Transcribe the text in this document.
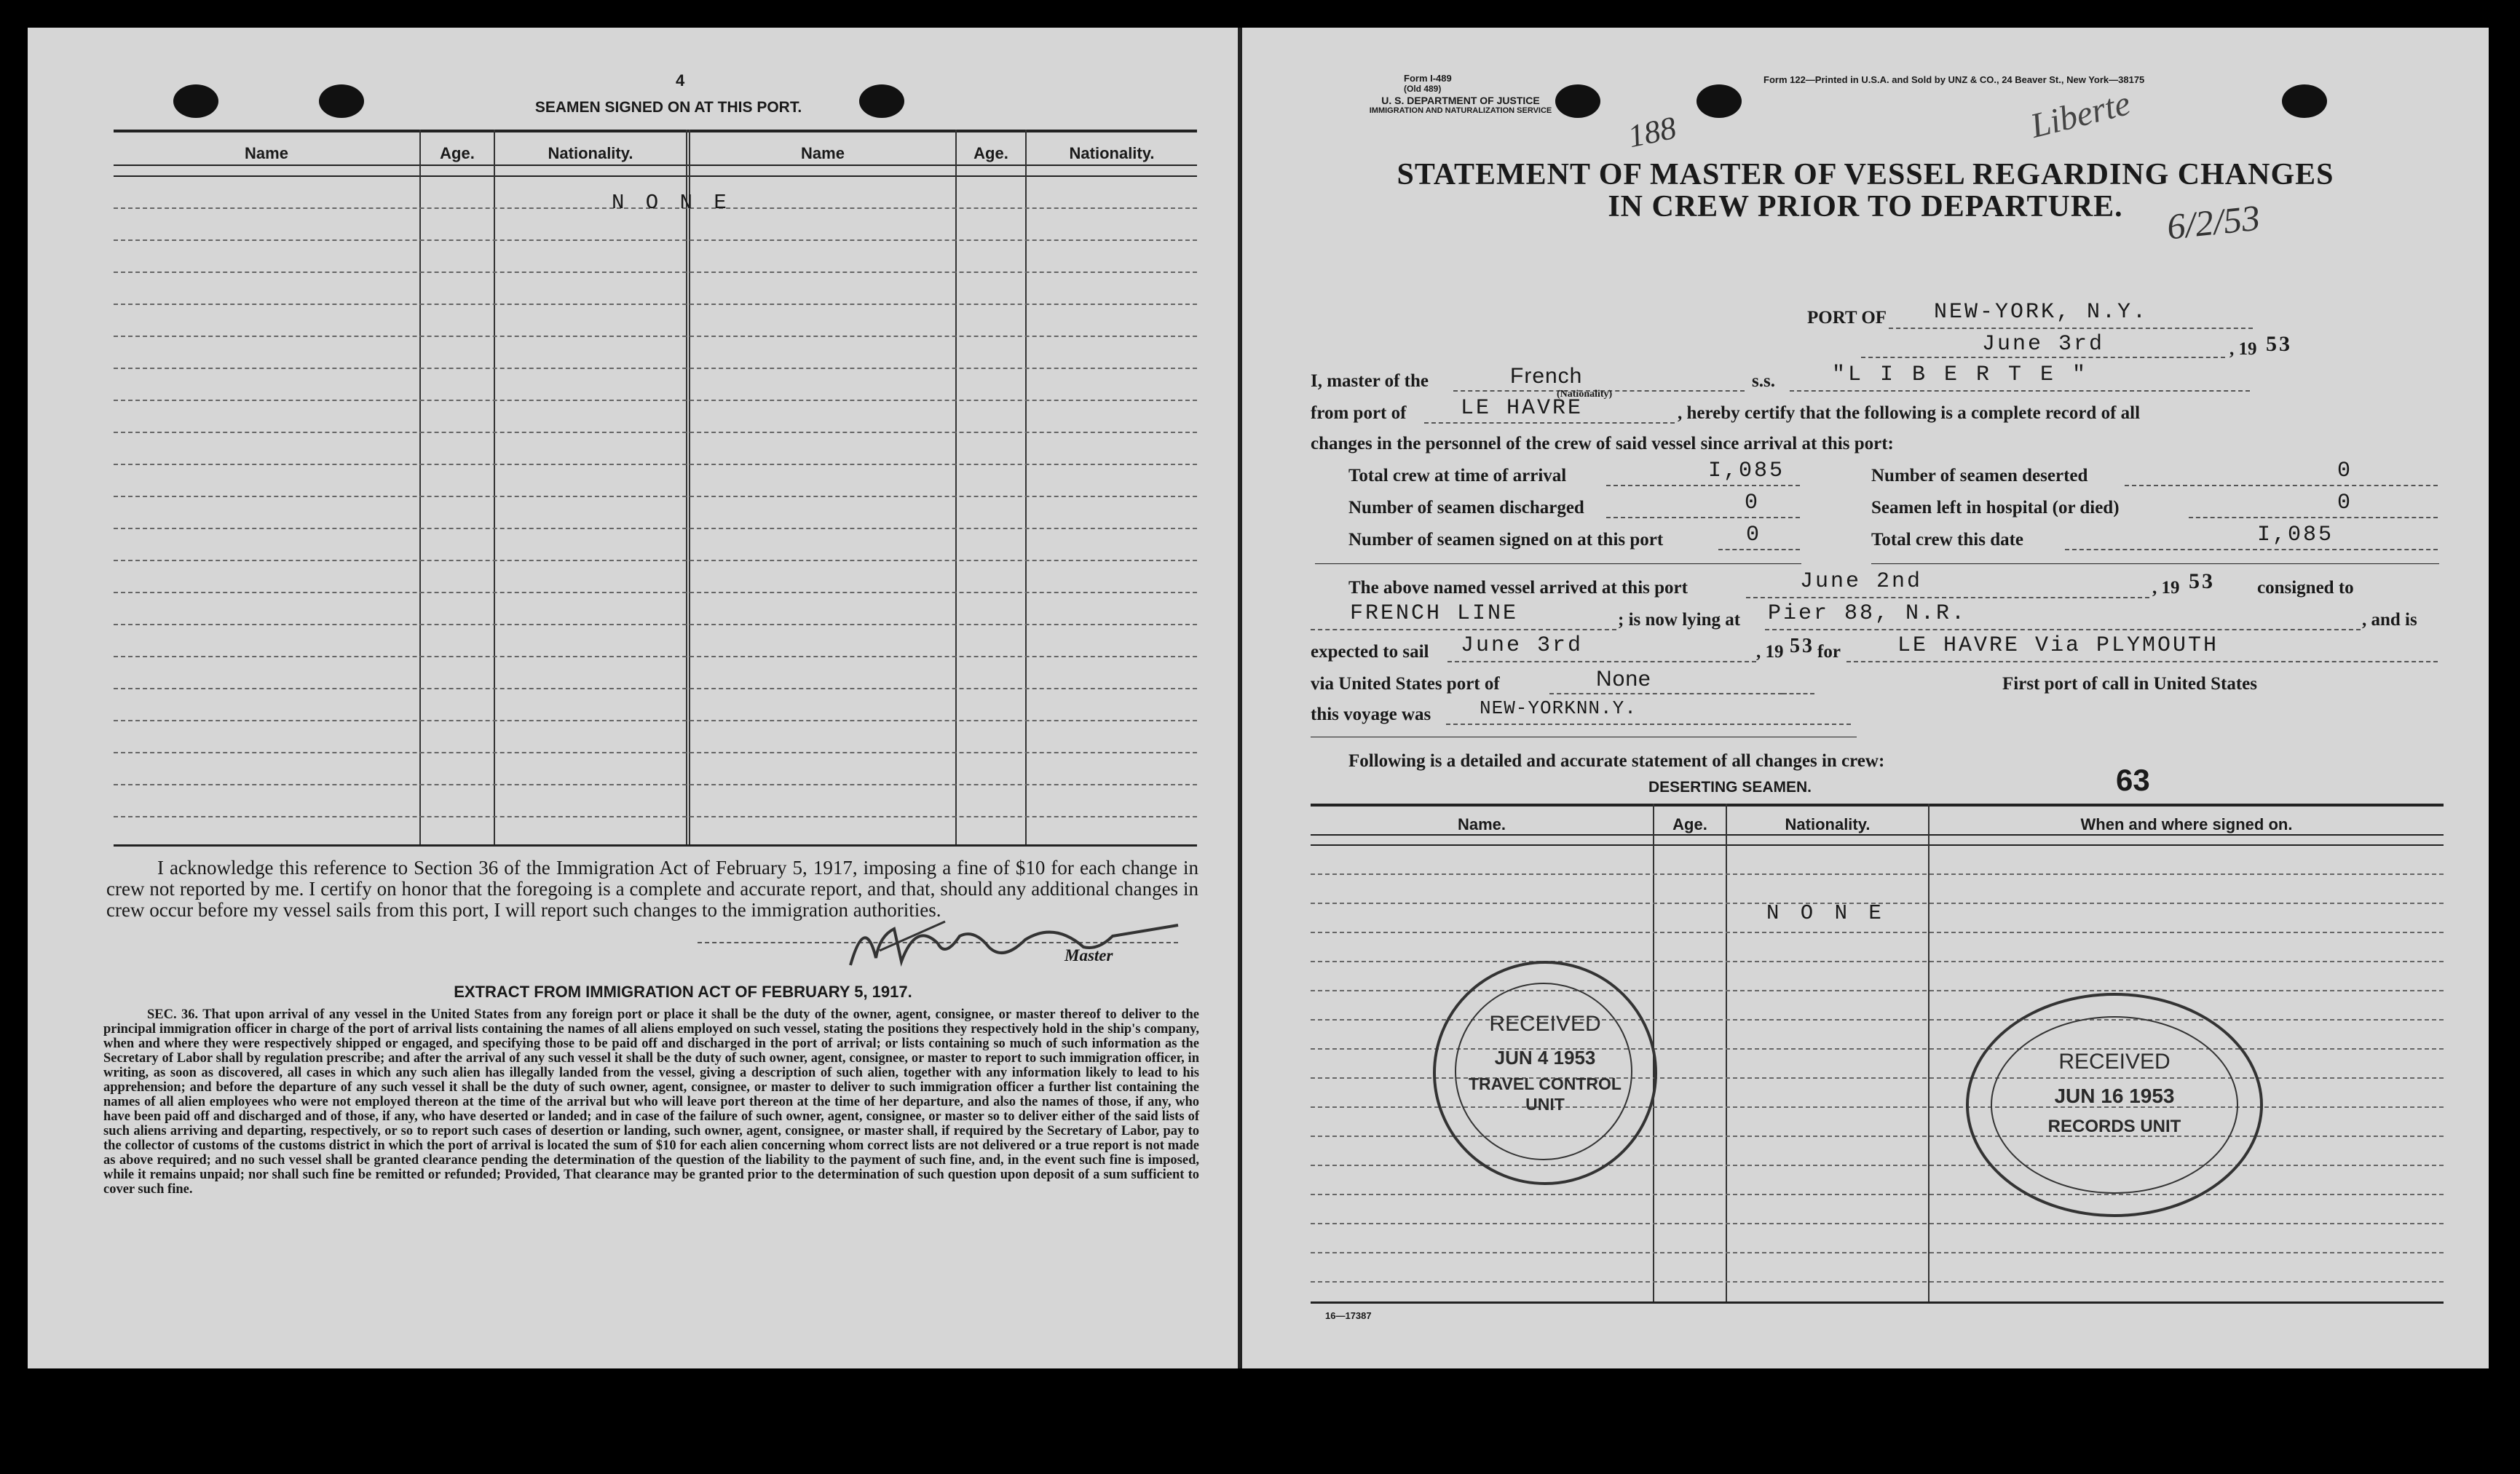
4
SEAMEN SIGNED ON AT THIS PORT.
Name	Age.	Nationality.	Name	Age.	Nationality.
N O N E
I acknowledge this reference to Section 36 of the Immigration Act of February 5, 1917, imposing a fine of $10 for each change in crew not reported by me. I certify on honor that the foregoing is a complete and accurate report, and that, should any additional changes in crew occur before my vessel sails from this port, I will report such changes to the immigration authorities.
Master
EXTRACT FROM IMMIGRATION ACT OF FEBRUARY 5, 1917.
SEC. 36. That upon arrival of any vessel in the United States from any foreign port or place it shall be the duty of the owner, agent, consignee, or master thereof to deliver to the principal immigration officer in charge of the port of arrival lists containing the names of all aliens employed on such vessel, stating the positions they respectively hold in the ship's company, when and where they were respectively shipped or engaged, and specifying those to be paid off and discharged in the port of arrival; or lists containing so much of such information as the Secretary of Labor shall by regulation prescribe; and after the arrival of any such vessel it shall be the duty of such owner, agent, consignee, or master to report to such immigration officer, in writing, as soon as discovered, all cases in which any such alien has illegally landed from the vessel, giving a description of such alien, together with any information likely to lead to his apprehension; and before the departure of any such vessel it shall be the duty of such owner, agent, consignee, or master to deliver to such immigration officer a further list containing the names of all alien employees who were not employed thereon at the time of the arrival but who will leave port thereon at the time of her departure, and also the names of those, if any, who have been paid off and discharged and of those, if any, who have deserted or landed; and in case of the failure of such owner, agent, consignee, or master so to deliver either of the said lists of such aliens arriving and departing, respectively, or so to report such cases of desertion or landing, such owner, agent, consignee, or master shall, if required by the Secretary of Labor, pay to the collector of customs of the customs district in which the port of arrival is located the sum of $10 for each alien concerning whom correct lists are not delivered or a true report is not made as above required; and no such vessel shall be granted clearance pending the determination of the question of the liability to the payment of such fine, and, in the event such fine is imposed, while it remains unpaid; nor shall such fine be remitted or refunded; Provided, That clearance may be granted prior to the determination of such question upon deposit of a sum sufficient to cover such fine.
Form I-489
(Old 489)
U. S. DEPARTMENT OF JUSTICE
IMMIGRATION AND NATURALIZATION SERVICE
Form 122—Printed in U.S.A. and Sold by UNZ & CO., 24 Beaver St., New York—38175
188	Liberte
6/2/53
STATEMENT OF MASTER OF VESSEL REGARDING CHANGES
IN CREW PRIOR TO DEPARTURE.
PORT OF NEW-YORK, N.Y.
June 3rd	, 19 53
I, master of the	French
(Nationality)
s.s.	"L I B E R T E "
from port of LE HAVRE	, hereby certify that the following is a complete record of all
changes in the personnel of the crew of said vessel since arrival at this port:
Total crew at time of arrival	I,085
Number of seamen discharged	0
Number of seamen signed on at this port	0
Number of seamen deserted	0
Seamen left in hospital (or died)	0
Total crew this date	I,085
The above named vessel arrived at this port	June 2nd	, 19 53 consigned to
FRENCH LINE	; is now lying at Pier 88, N.R.	, and is
expected to sail June 3rd	, 19 53 for	LE HAVRE Via PLYMOUTH
via United States port of	None	First port of call in United States
this voyage was	NEW-YORKNN.Y.
Following is a detailed and accurate statement of all changes in crew:
63
DESERTING SEAMEN.
Name.	Age.	Nationality.	When and where signed on.
N O N E
RECEIVED
JUN 4 1953
TRAVEL CONTROL
UNIT
RECEIVED
JUN 16 1953
RECORDS UNIT
16—17387
